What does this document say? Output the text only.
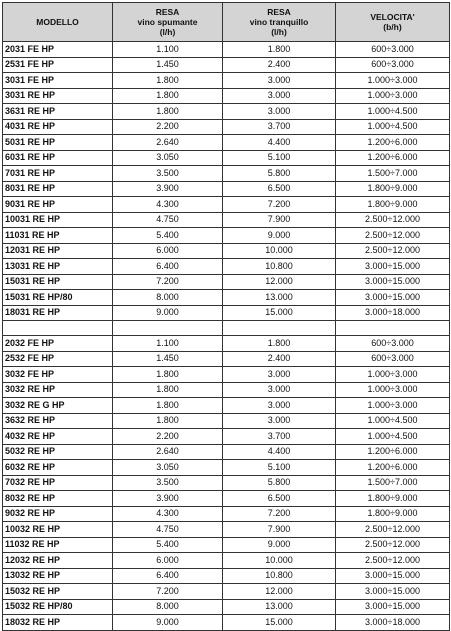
MODELLO	RESA
vino spumante
(l/h)	RESA
vino tranquillo
(l/h)	VELOCITA'
(b/h)

2031 FE HP	1.100	1.800	600÷3.000
2531 FE HP	1.450	2.400	600÷3.000
3031 FE HP	1.800	3.000	1.000÷3.000
3031 RE HP	1.800	3.000	1.000÷3.000
3631 RE HP	1.800	3.000	1.000÷4.500
4031 RE HP	2.200	3.700	1.000÷4.500
5031 RE HP	2.640	4.400	1.200÷6.000
6031 RE HP	3.050	5.100	1.200÷6.000
7031 RE HP	3.500	5.800	1.500÷7.000
8031 RE HP	3.900	6.500	1.800÷9.000
9031 RE HP	4.300	7.200	1.800÷9.000
10031 RE HP	4.750	7.900	2.500÷12.000
11031 RE HP	5.400	9.000	2.500÷12.000
12031 RE HP	6.000	10.000	2.500÷12.000
13031 RE HP	6.400	10.800	3.000÷15.000
15031 RE HP	7.200	12.000	3.000÷15.000
15031 RE HP/80	8.000	13.000	3.000÷15.000
18031 RE HP	9.000	15.000	3.000÷18.000

2032 FE HP	1.100	1.800	600÷3.000
2532 FE HP	1.450	2.400	600÷3.000
3032 FE HP	1.800	3.000	1.000÷3.000
3032 RE HP	1.800	3.000	1.000÷3.000
3032 RE G HP	1.800	3.000	1.000÷3.000
3632 RE HP	1.800	3.000	1.000÷4.500
4032 RE HP	2.200	3.700	1.000÷4.500
5032 RE HP	2.640	4.400	1.200÷6.000
6032 RE HP	3.050	5.100	1.200÷6.000
7032 RE HP	3.500	5.800	1.500÷7.000
8032 RE HP	3.900	6.500	1.800÷9.000
9032 RE HP	4.300	7.200	1.800÷9.000
10032 RE HP	4.750	7.900	2.500÷12.000
11032 RE HP	5.400	9.000	2.500÷12.000
12032 RE HP	6.000	10.000	2.500÷12.000
13032 RE HP	6.400	10.800	3.000÷15.000
15032 RE HP	7.200	12.000	3.000÷15.000
15032 RE HP/80	8.000	13.000	3.000÷15.000
18032 RE HP	9.000	15.000	3.000÷18.000
